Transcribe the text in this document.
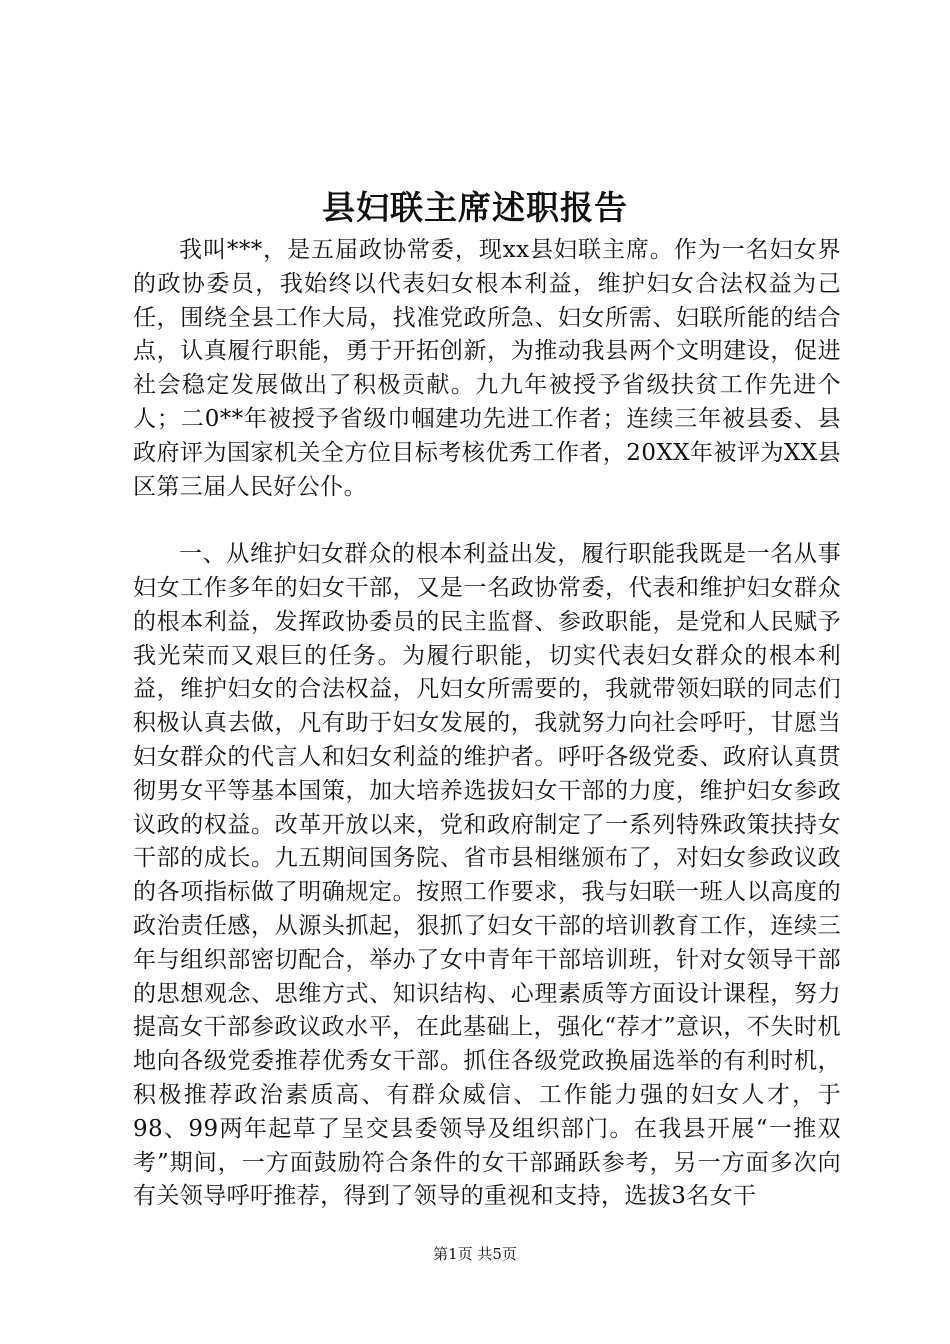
县妇联主席述职报告

我叫***，是五届政协常委，现xx县妇联主席。作为一名妇女界的政协委员，我始终以代表妇女根本利益，维护妇女合法权益为己任，围绕全县工作大局，找准党政所急、妇女所需、妇联所能的结合点，认真履行职能，勇于开拓创新，为推动我县两个文明建设，促进社会稳定发展做出了积极贡献。九九年被授予省级扶贫工作先进个人；二0**年被授予省级巾帼建功先进工作者；连续三年被县委、县政府评为国家机关全方位目标考核优秀工作者，20XX年被评为XX县区第三届人民好公仆。

一、从维护妇女群众的根本利益出发，履行职能我既是一名从事妇女工作多年的妇女干部，又是一名政协常委，代表和维护妇女群众的根本利益，发挥政协委员的民主监督、参政职能，是党和人民赋予我光荣而又艰巨的任务。为履行职能，切实代表妇女群众的根本利益，维护妇女的合法权益，凡妇女所需要的，我就带领妇联的同志们积极认真去做，凡有助于妇女发展的，我就努力向社会呼吁，甘愿当妇女群众的代言人和妇女利益的维护者。呼吁各级党委、政府认真贯彻男女平等基本国策，加大培养选拔妇女干部的力度，维护妇女参政议政的权益。改革开放以来，党和政府制定了一系列特殊政策扶持女干部的成长。九五期间国务院、省市县相继颁布了，对妇女参政议政的各项指标做了明确规定。按照工作要求，我与妇联一班人以高度的政治责任感，从源头抓起，狠抓了妇女干部的培训教育工作，连续三年与组织部密切配合，举办了女中青年干部培训班，针对女领导干部的思想观念、思维方式、知识结构、心理素质等方面设计课程，努力提高女干部参政议政水平，在此基础上，强化“荐才”意识，不失时机地向各级党委推荐优秀女干部。抓住各级党政换届选举的有利时机，积极推荐政治素质高、有群众威信、工作能力强的妇女人才，于98、99两年起草了呈交县委领导及组织部门。在我县开展“一推双考”期间，一方面鼓励符合条件的女干部踊跃参考，另一方面多次向有关领导呼吁推荐，得到了领导的重视和支持，选拔3名女干

第1页 共5页
